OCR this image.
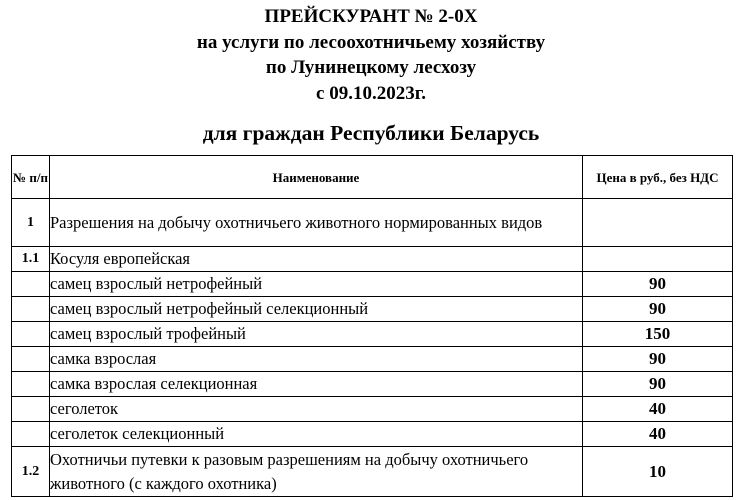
ПРЕЙСКУРАНТ № 2-0Х
на услуги по лесоохотничьему хозяйству
по Лунинецкому лесхозу
с 09.10.2023г.
для граждан Республики Беларусь
№ п/п	Наименование	Цена в руб., без НДС
1	Разрешения на добычу охотничьего животного нормированных видов	
1.1	Косуля европейская	
	самец взрослый нетрофейный	90
	самец взрослый нетрофейный селекционный	90
	самец взрослый трофейный	150
	самка взрослая	90
	самка взрослая селекционная	90
	сеголеток	40
	сеголеток селекционный	40
1.2	Охотничьи путевки к разовым разрешениям на добычу охотничьего животного (с каждого охотника)	10
